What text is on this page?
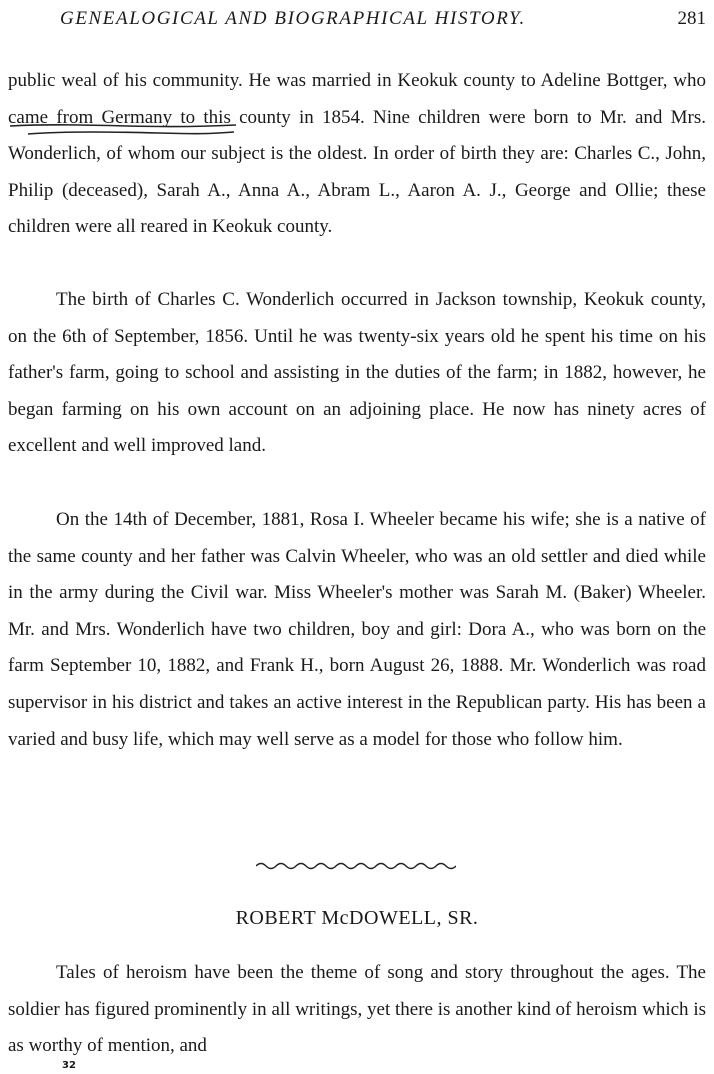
GENEALOGICAL AND BIOGRAPHICAL HISTORY.	281

public weal of his community. He was married in Keokuk county to Adeline Bottger, who came from Germany to this county in 1854. Nine children were born to Mr. and Mrs. Wonderlich, of whom our subject is the oldest. In order of birth they are: Charles C., John, Philip (deceased), Sarah A., Anna A., Abram L., Aaron A. J., George and Ollie; these children were all reared in Keokuk county.

The birth of Charles C. Wonderlich occurred in Jackson township, Keokuk county, on the 6th of September, 1856. Until he was twenty-six years old he spent his time on his father's farm, going to school and assisting in the duties of the farm; in 1882, however, he began farming on his own account on an adjoining place. He now has ninety acres of excellent and well improved land.

On the 14th of December, 1881, Rosa I. Wheeler became his wife; she is a native of the same county and her father was Calvin Wheeler, who was an old settler and died while in the army during the Civil war. Miss Wheeler's mother was Sarah M. (Baker) Wheeler. Mr. and Mrs. Wonderlich have two children, boy and girl: Dora A., who was born on the farm September 10, 1882, and Frank H., born August 26, 1888. Mr. Wonderlich was road supervisor in his district and takes an active interest in the Republican party. His has been a varied and busy life, which may well serve as a model for those who follow him.

ROBERT McDOWELL, SR.

Tales of heroism have been the theme of song and story throughout the ages. The soldier has figured prominently in all writings, yet there is another kind of heroism which is as worthy of mention, and

32
